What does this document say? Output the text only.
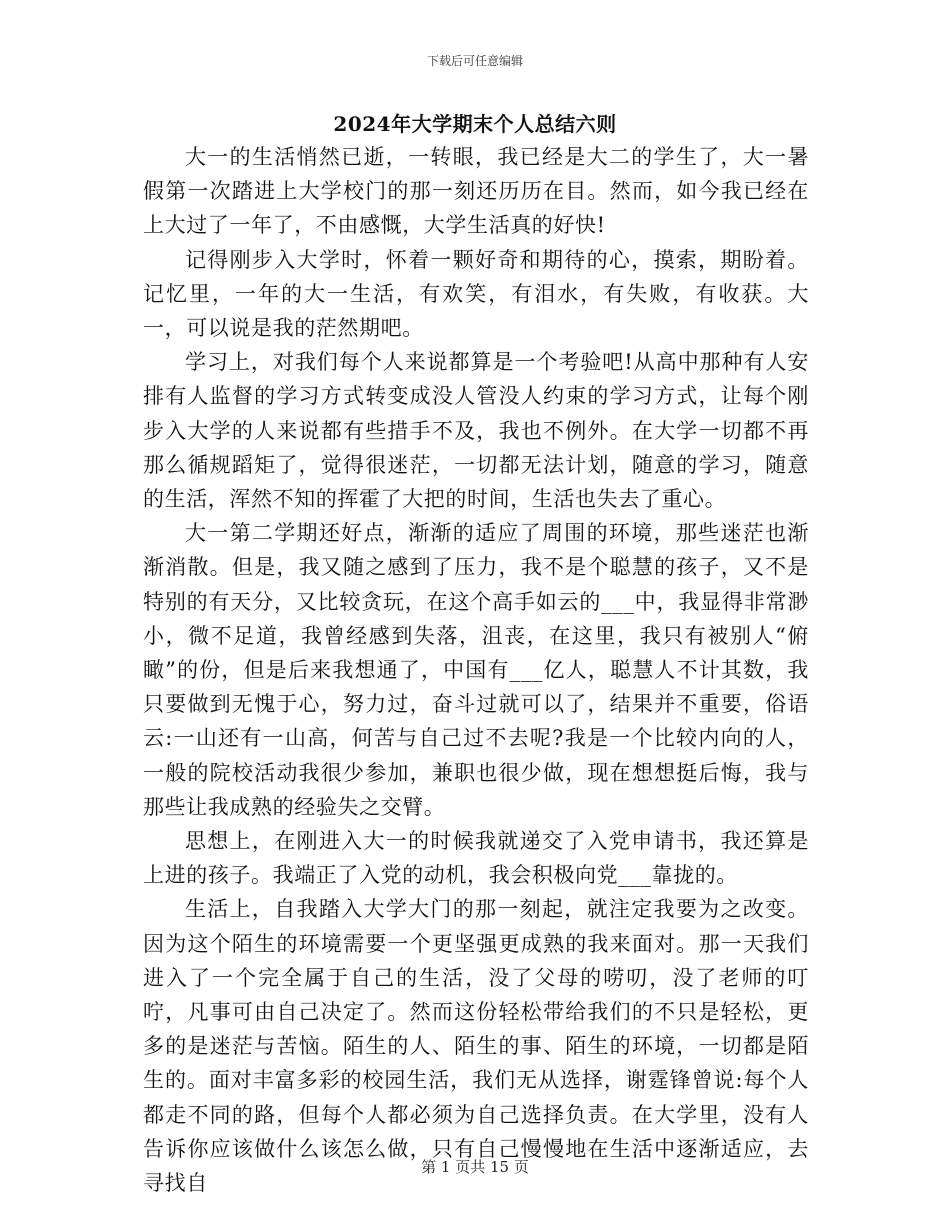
下载后可任意编辑
2024年大学期末个人总结六则

大一的生活悄然已逝，一转眼，我已经是大二的学生了，大一暑假第一次踏进上大学校门的那一刻还历历在目。然而，如今我已经在上大过了一年了，不由感慨，大学生活真的好快!

记得刚步入大学时，怀着一颗好奇和期待的心，摸索，期盼着。记忆里，一年的大一生活，有欢笑，有泪水，有失败，有收获。大一，可以说是我的茫然期吧。

学习上，对我们每个人来说都算是一个考验吧!从高中那种有人安排有人监督的学习方式转变成没人管没人约束的学习方式，让每个刚步入大学的人来说都有些措手不及，我也不例外。在大学一切都不再那么循规蹈矩了，觉得很迷茫，一切都无法计划，随意的学习，随意的生活，浑然不知的挥霍了大把的时间，生活也失去了重心。

大一第二学期还好点，渐渐的适应了周围的环境，那些迷茫也渐渐消散。但是，我又随之感到了压力，我不是个聪慧的孩子，又不是特别的有天分，又比较贪玩，在这个高手如云的___中，我显得非常渺小，微不足道，我曾经感到失落，沮丧，在这里，我只有被别人“俯瞰”的份，但是后来我想通了，中国有___亿人，聪慧人不计其数，我只要做到无愧于心，努力过，奋斗过就可以了，结果并不重要，俗语云:一山还有一山高，何苦与自己过不去呢?我是一个比较内向的人，一般的院校活动我很少参加，兼职也很少做，现在想想挺后悔，我与那些让我成熟的经验失之交臂。

思想上，在刚进入大一的时候我就递交了入党申请书，我还算是上进的孩子。我端正了入党的动机，我会积极向党___靠拢的。

生活上，自我踏入大学大门的那一刻起，就注定我要为之改变。因为这个陌生的环境需要一个更坚强更成熟的我来面对。那一天我们进入了一个完全属于自己的生活，没了父母的唠叨，没了老师的叮咛，凡事可由自己决定了。然而这份轻松带给我们的不只是轻松，更多的是迷茫与苦恼。陌生的人、陌生的事、陌生的环境，一切都是陌生的。面对丰富多彩的校园生活，我们无从选择，谢霆锋曾说:每个人都走不同的路，但每个人都必须为自己选择负责。在大学里，没有人告诉你应该做什么该怎么做，只有自己慢慢地在生活中逐渐适应，去寻找自

第 1 页共 15 页
